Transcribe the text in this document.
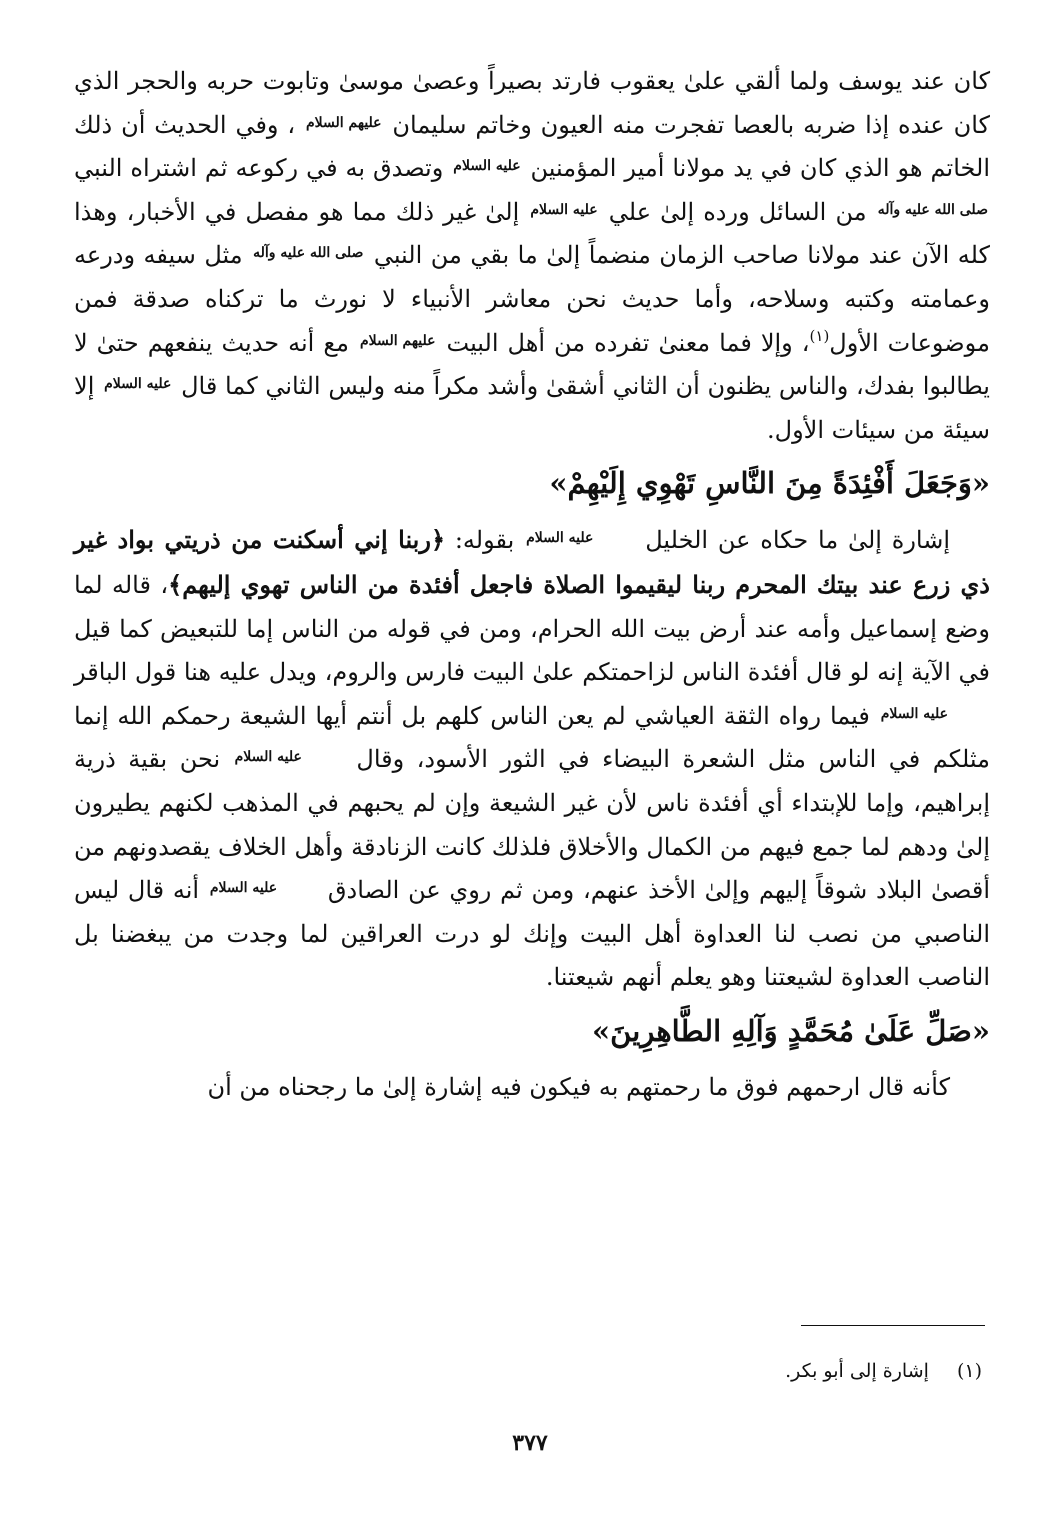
كان عند يوسف ولما ألقي علىٰ يعقوب فارتد بصيراً وعصىٰ موسىٰ وتابوت حربه والحجر الذي كان عنده إذا ضربه بالعصا تفجرت منه العيون وخاتم سليمان عليهم السلام ، وفي الحديث أن ذلك الخاتم هو الذي كان في يد مولانا أمير المؤمنين عليه السلام وتصدق به في ركوعه ثم اشتراه النبي صلى الله عليه وآله من السائل ورده إلىٰ علي عليه السلام إلىٰ غير ذلك مما هو مفصل في الأخبار، وهذا كله الآن عند مولانا صاحب الزمان منضماً إلىٰ ما بقي من النبي صلى الله عليه وآله مثل سيفه ودرعه وعمامته وكتبه وسلاحه، وأما حديث نحن معاشر الأنبياء لا نورث ما تركناه صدقة فمن موضوعات الأول$^{(١)}$، وإلا فما معنىٰ تفرده من أهل البيت عليهم السلام مع أنه حديث ينفعهم حتىٰ لا يطالبوا بفدك، والناس يظنون أن الثاني أشقىٰ وأشد مكراً منه وليس الثاني كما قال عليه السلام إلا سيئة من سيئات الأول.

«وَجَعَلَ أَفْئِدَةً مِنَ النَّاسِ تَهْوِي إِلَيْهِمْ»

إشارة إلىٰ ما حكاه عن الخليل عليه السلام بقوله: ﴿ربنا إني أسكنت من ذريتي بواد غير ذي زرع عند بيتك المحرم ربنا ليقيموا الصلاة فاجعل أفئدة من الناس تهوي إليهم﴾، قاله لما وضع إسماعيل وأمه عند أرض بيت الله الحرام، ومن في قوله من الناس إما للتبعيض كما قيل في الآية إنه لو قال أفئدة الناس لزاحمتكم علىٰ البيت فارس والروم، ويدل عليه هنا قول الباقر عليه السلام فيما رواه الثقة العياشي لم يعن الناس كلهم بل أنتم أيها الشيعة رحمكم الله إنما مثلكم في الناس مثل الشعرة البيضاء في الثور الأسود، وقال عليه السلام نحن بقية ذرية إبراهيم، وإما للإبتداء أي أفئدة ناس لأن غير الشيعة وإن لم يحبهم في المذهب لكنهم يطيرون إلىٰ ودهم لما جمع فيهم من الكمال والأخلاق فلذلك كانت الزنادقة وأهل الخلاف يقصدونهم من أقصىٰ البلاد شوقاً إليهم وإلىٰ الأخذ عنهم، ومن ثم روي عن الصادق عليه السلام أنه قال ليس الناصبي من نصب لنا العداوة أهل البيت وإنك لو درت العراقين لما وجدت من يبغضنا بل الناصب العداوة لشيعتنا وهو يعلم أنهم شيعتنا.

«صَلِّ عَلَىٰ مُحَمَّدٍ وَآلِهِ الطَّاهِرِينَ»

كأنه قال ارحمهم فوق ما رحمتهم به فيكون فيه إشارة إلىٰ ما رجحناه من أن

(١) إشارة إلى أبو بكر.
٣٧٧
